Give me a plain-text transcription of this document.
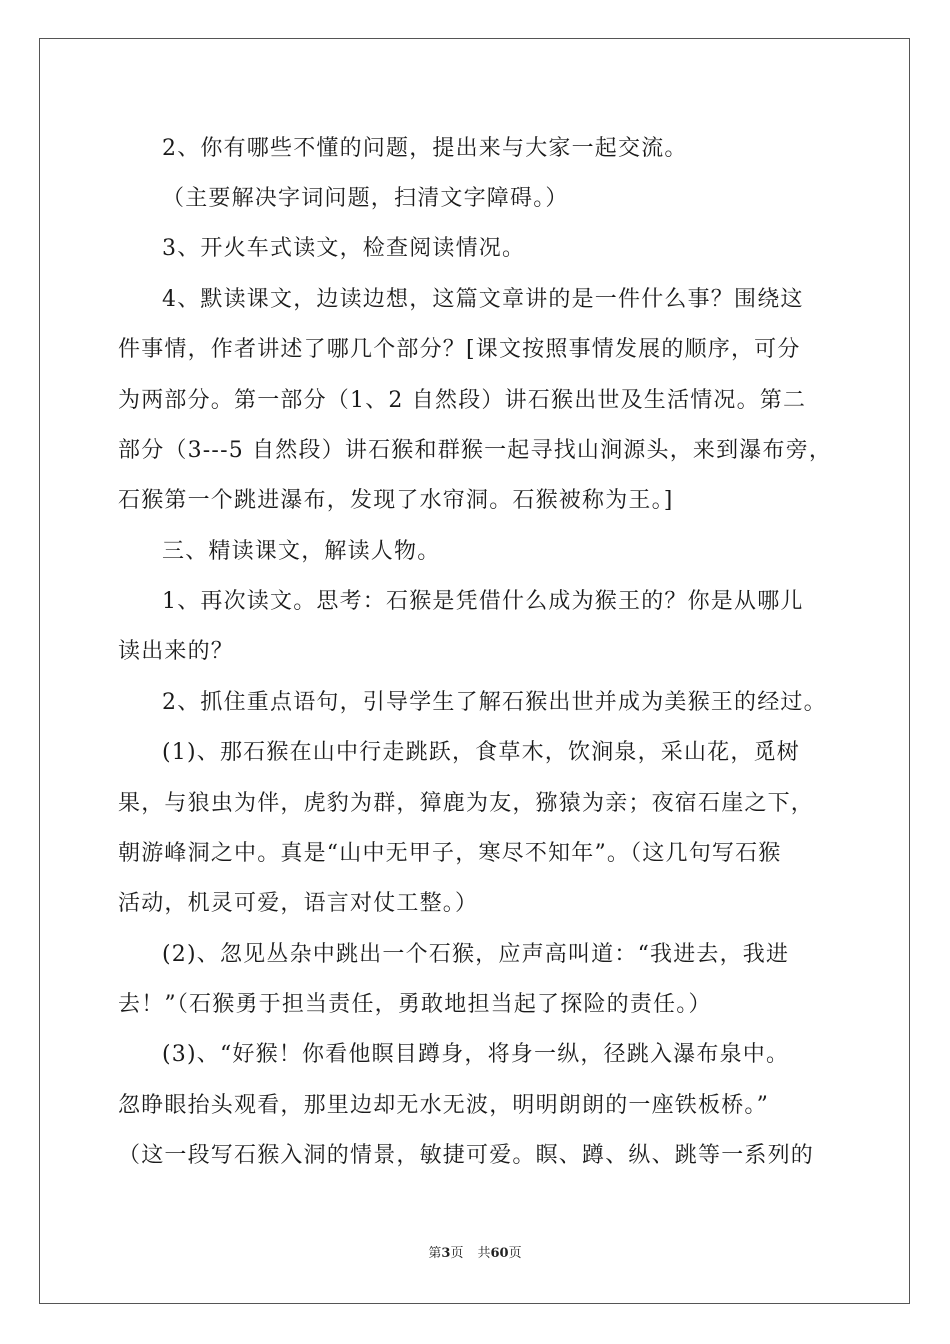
2、你有哪些不懂的问题，提出来与大家一起交流。
（主要解决字词问题，扫清文字障碍。）
3、开火车式读文，检查阅读情况。
4、默读课文，边读边想，这篇文章讲的是一件什么事？围绕这
件事情，作者讲述了哪几个部分？[课文按照事情发展的顺序，可分
为两部分。第一部分（1、2 自然段）讲石猴出世及生活情况。第二
部分（3---5 自然段）讲石猴和群猴一起寻找山涧源头，来到瀑布旁，
石猴第一个跳进瀑布，发现了水帘洞。石猴被称为王。]
三、精读课文，解读人物。
1、再次读文。思考：石猴是凭借什么成为猴王的？你是从哪儿
读出来的？
2、抓住重点语句，引导学生了解石猴出世并成为美猴王的经过。
(1)、那石猴在山中行走跳跃，食草木，饮涧泉，采山花，觅树
果，与狼虫为伴，虎豹为群，獐鹿为友，猕猿为亲；夜宿石崖之下，
朝游峰洞之中。真是“山中无甲子，寒尽不知年”。（这几句写石猴
活动，机灵可爱，语言对仗工整。）
(2)、忽见丛杂中跳出一个石猴，应声高叫道：“我进去，我进
去！”（石猴勇于担当责任，勇敢地担当起了探险的责任。）
(3)、“好猴！你看他瞑目蹲身，将身一纵，径跳入瀑布泉中。
忽睁眼抬头观看，那里边却无水无波，明明朗朗的一座铁板桥。”
（这一段写石猴入洞的情景，敏捷可爱。瞑、蹲、纵、跳等一系列的
第3页 共60页
